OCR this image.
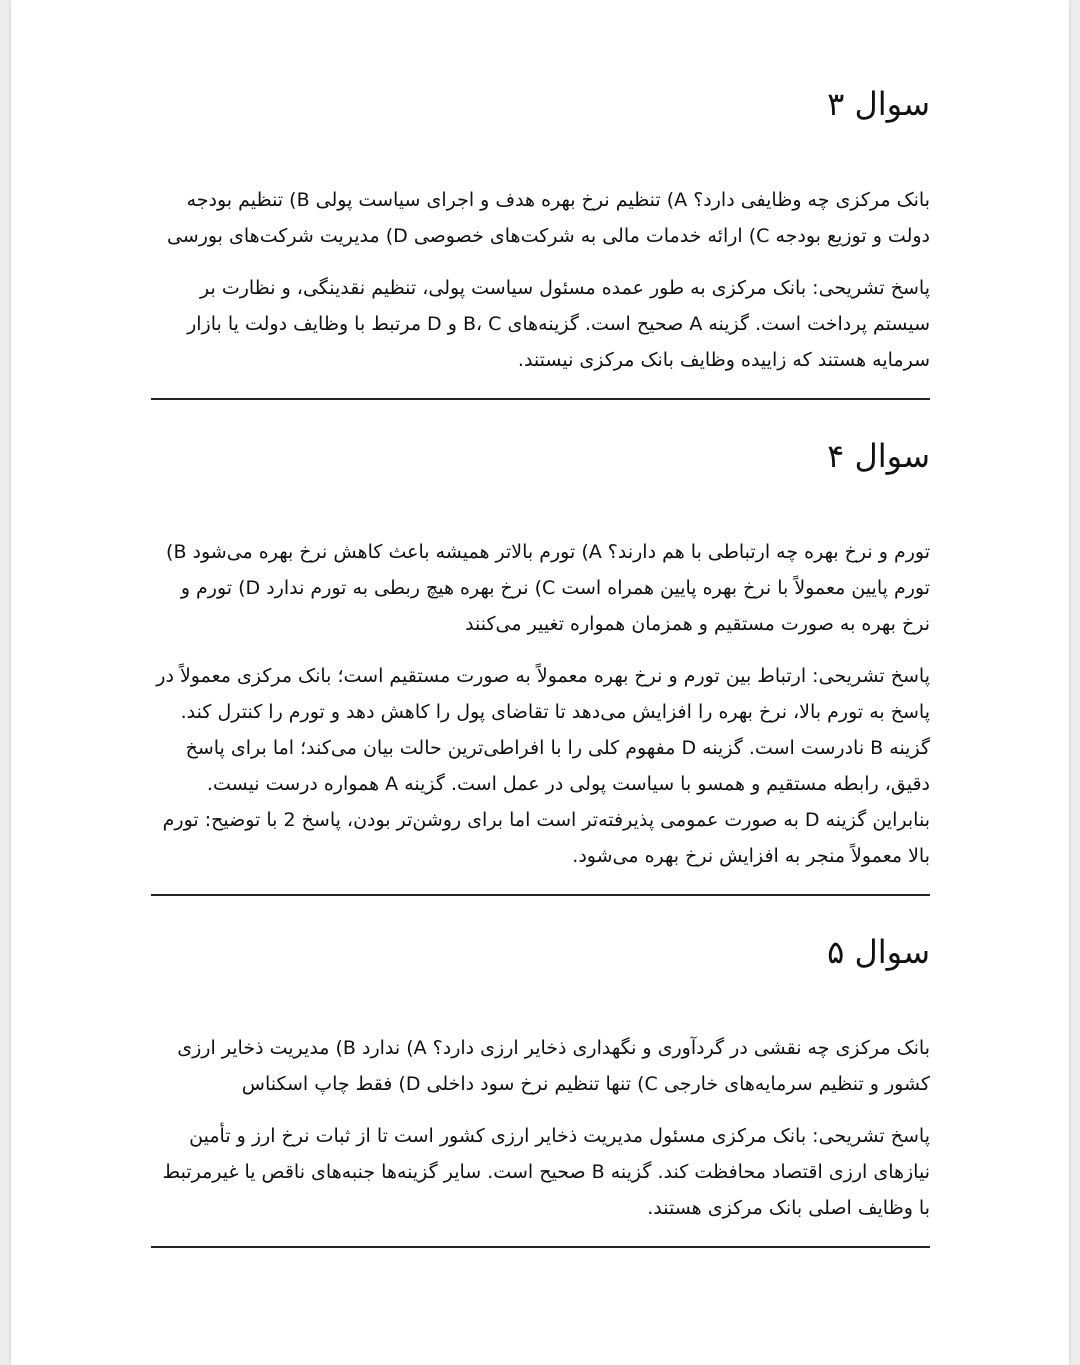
سوال ۳

بانک مرکزی چه وظایفی دارد؟ A) تنظیم نرخ بهره هدف و اجرای سیاست پولی B) تنظیم بودجه دولت و توزیع بودجه C) ارائه خدمات مالی به شرکت‌های خصوصی D) مدیریت شرکت‌های بورسی

پاسخ تشریحی: بانک مرکزی به طور عمده مسئول سیاست پولی، تنظیم نقدینگی، و نظارت بر سیستم پرداخت است. گزینه A صحیح است. گزینه‌های B، C و D مرتبط با وظایف دولت یا بازار سرمایه هستند که زاییده وظایف بانک مرکزی نیستند.

سوال ۴

تورم و نرخ بهره چه ارتباطی با هم دارند؟ A) تورم بالاتر همیشه باعث کاهش نرخ بهره می‌شود B) تورم پایین معمولاً با نرخ بهره پایین همراه است C) نرخ بهره هیچ ربطی به تورم ندارد D) تورم و نرخ بهره به صورت مستقیم و همزمان همواره تغییر می‌کنند

پاسخ تشریحی: ارتباط بین تورم و نرخ بهره معمولاً به صورت مستقیم است؛ بانک مرکزی معمولاً در پاسخ به تورم بالا، نرخ بهره را افزایش می‌دهد تا تقاضای پول را کاهش دهد و تورم را کنترل کند. گزینه B نادرست است. گزینه D مفهوم کلی را با افراطی‌ترین حالت بیان می‌کند؛ اما برای پاسخ دقیق، رابطه مستقیم و همسو با سیاست پولی در عمل است. گزینه A همواره درست نیست. بنابراین گزینه D به صورت عمومی پذیرفته‌تر است اما برای روشن‌تر بودن، پاسخ 2 با توضیح: تورم بالا معمولاً منجر به افزایش نرخ بهره می‌شود.

سوال ۵

بانک مرکزی چه نقشی در گردآوری و نگهداری ذخایر ارزی دارد؟ A) ندارد B) مدیریت ذخایر ارزی کشور و تنظیم سرمایه‌های خارجی C) تنها تنظیم نرخ سود داخلی D) فقط چاپ اسکناس

پاسخ تشریحی: بانک مرکزی مسئول مدیریت ذخایر ارزی کشور است تا از ثبات نرخ ارز و تأمین نیازهای ارزی اقتصاد محافظت کند. گزینه B صحیح است. سایر گزینه‌ها جنبه‌های ناقص یا غیرمرتبط با وظایف اصلی بانک مرکزی هستند.
